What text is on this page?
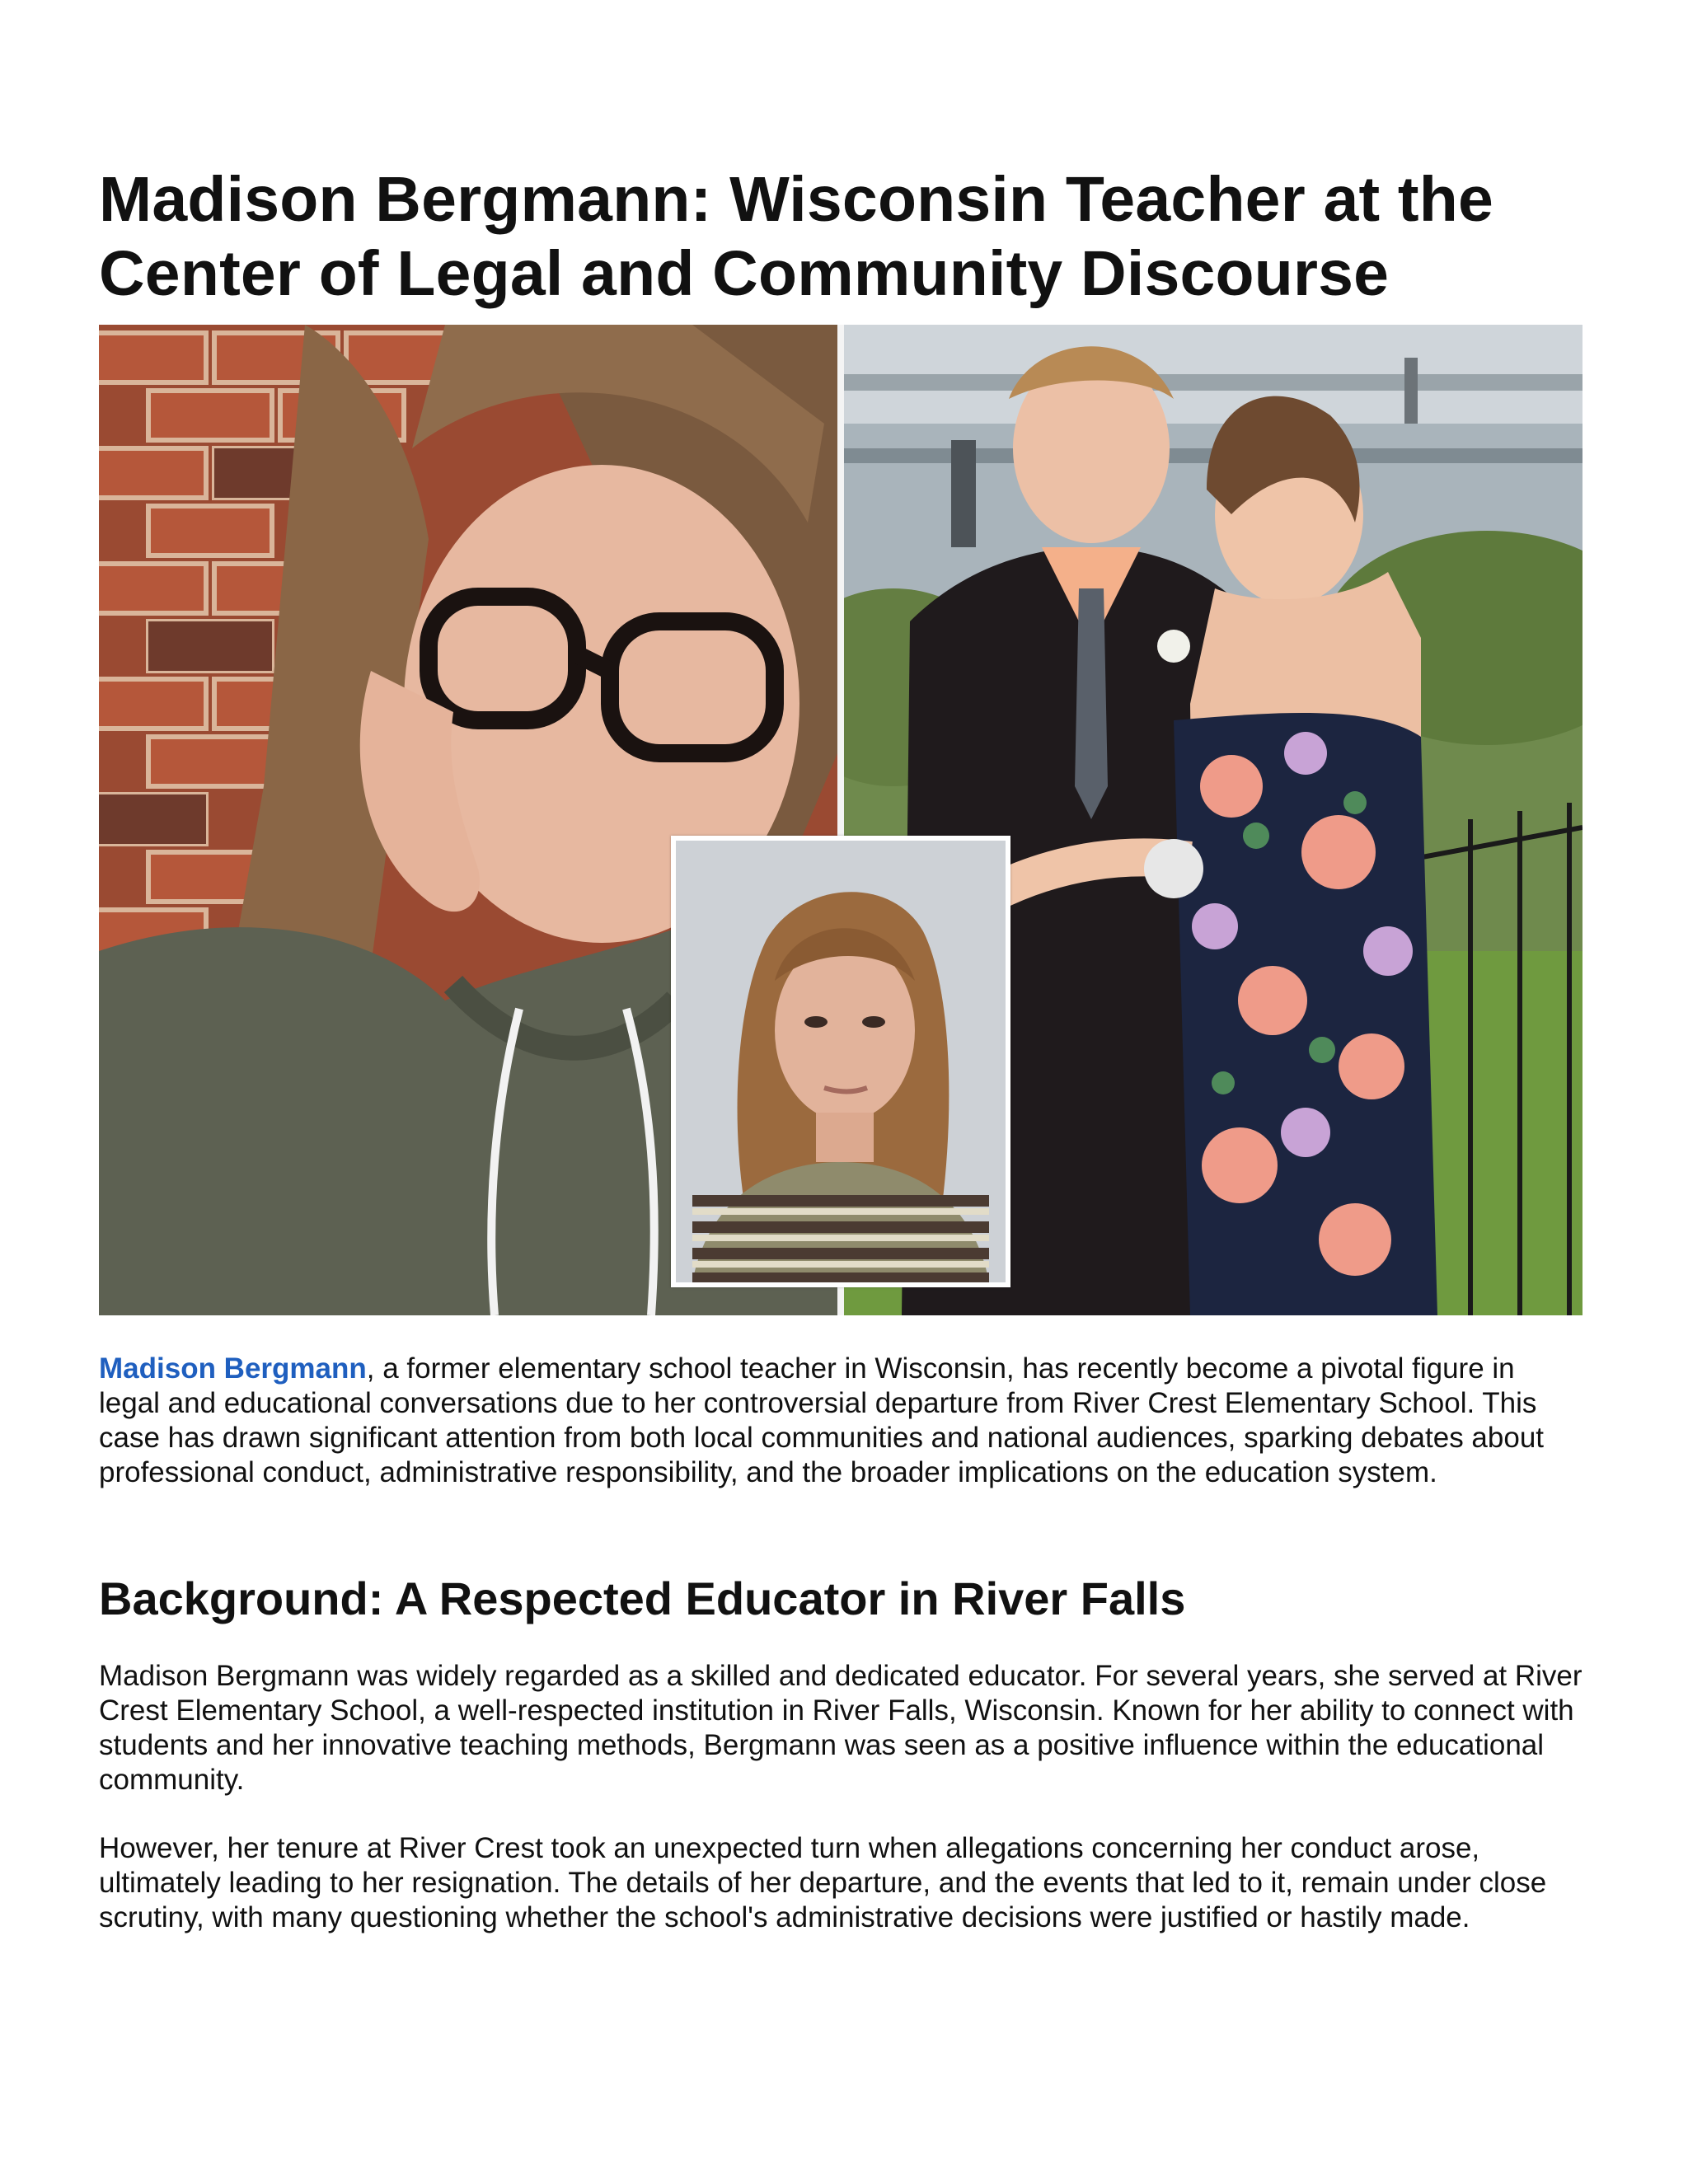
Madison Bergmann: Wisconsin Teacher at the Center of Legal and Community Discourse

Madison Bergmann, a former elementary school teacher in Wisconsin, has recently become a pivotal figure in legal and educational conversations due to her controversial departure from River Crest Elementary School. This case has drawn significant attention from both local communities and national audiences, sparking debates about professional conduct, administrative responsibility, and the broader implications on the education system.

Background: A Respected Educator in River Falls

Madison Bergmann was widely regarded as a skilled and dedicated educator. For several years, she served at River Crest Elementary School, a well-respected institution in River Falls, Wisconsin. Known for her ability to connect with students and her innovative teaching methods, Bergmann was seen as a positive influence within the educational community.

However, her tenure at River Crest took an unexpected turn when allegations concerning her conduct arose, ultimately leading to her resignation. The details of her departure, and the events that led to it, remain under close scrutiny, with many questioning whether the school's administrative decisions were justified or hastily made.
